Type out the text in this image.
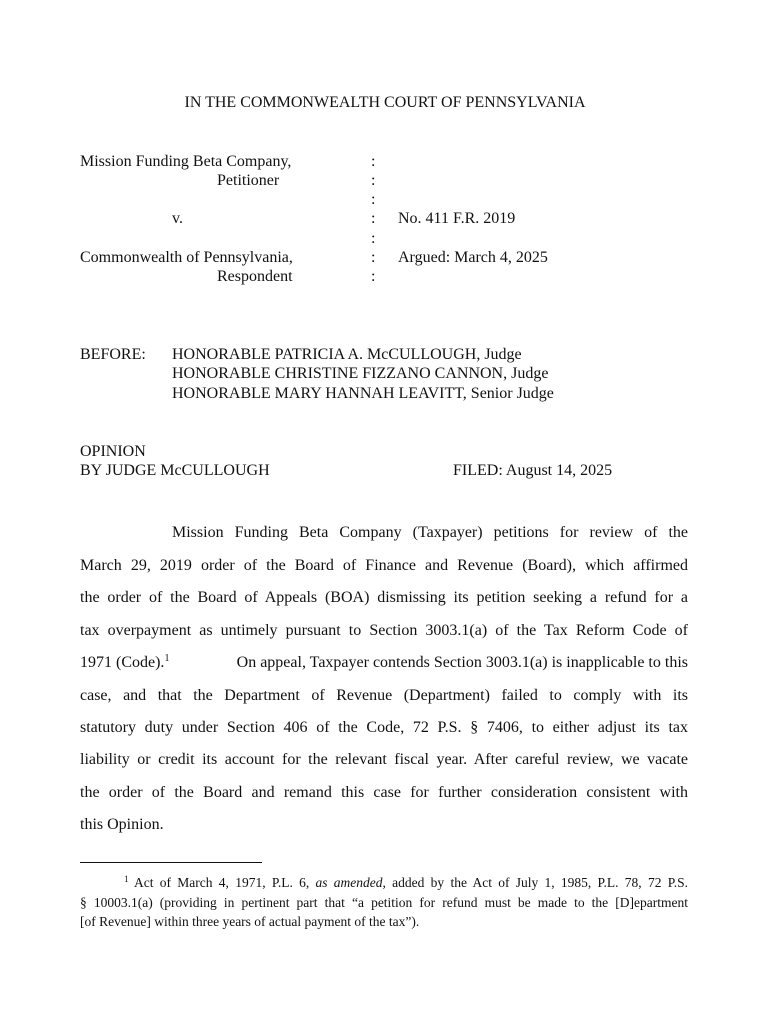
IN THE COMMONWEALTH COURT OF PENNSYLVANIA
Mission Funding Beta Company,
Petitioner
v.
Commonwealth of Pennsylvania,
Respondent
:
:
:
:
:
:
:
No. 411 F.R. 2019
Argued: March 4, 2025
BEFORE: HONORABLE PATRICIA A. McCULLOUGH, Judge
HONORABLE CHRISTINE FIZZANO CANNON, Judge
HONORABLE MARY HANNAH LEAVITT, Senior Judge
OPINION
BY JUDGE McCULLOUGH	FILED: August 14, 2025
Mission Funding Beta Company (Taxpayer) petitions for review of the
March 29, 2019 order of the Board of Finance and Revenue (Board), which affirmed
the order of the Board of Appeals (BOA) dismissing its petition seeking a refund for a
tax overpayment as untimely pursuant to Section 3003.1(a) of the Tax Reform Code of
1971 (Code).$^1$	On appeal, Taxpayer contends Section 3003.1(a) is inapplicable to this
case, and that the Department of Revenue (Department) failed to comply with its
statutory duty under Section 406 of the Code, 72 P.S. § 7406, to either adjust its tax
liability or credit its account for the relevant fiscal year. After careful review, we vacate
the order of the Board and remand this case for further consideration consistent with
this Opinion.
$^1$ Act of March 4, 1971, P.L. 6, as amended, added by the Act of July 1, 1985, P.L. 78, 72 P.S.
§ 10003.1(a) (providing in pertinent part that “a petition for refund must be made to the [D]epartment
[of Revenue] within three years of actual payment of the tax”).
